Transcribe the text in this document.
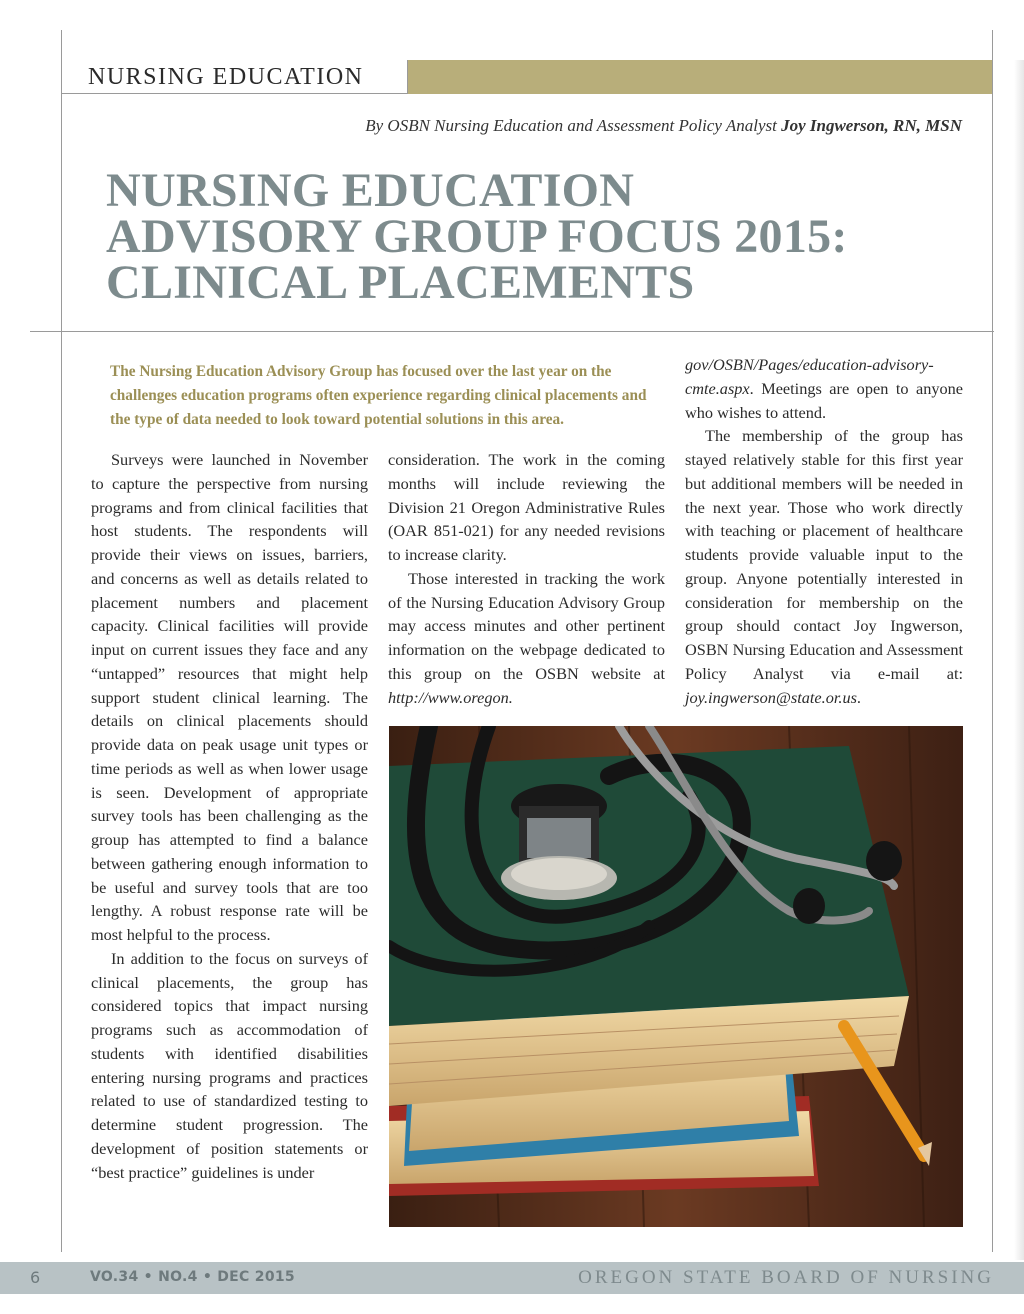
NURSING EDUCATION
By OSBN Nursing Education and Assessment Policy Analyst Joy Ingwerson, RN, MSN
NURSING EDUCATION
ADVISORY GROUP FOCUS 2015:
CLINICAL PLACEMENTS

The Nursing Education Advisory Group has focused over the last year on the challenges education programs often experience regarding clinical placements and the type of data needed to look toward potential solutions in this area.

Surveys were launched in November to capture the perspective from nursing programs and from clinical facilities that host students. The respondents will provide their views on issues, barriers, and concerns as well as details related to placement numbers and placement capacity. Clinical facilities will provide input on current issues they face and any “untapped” resources that might help support student clinical learning. The details on clinical placements should provide data on peak usage unit types or time periods as well as when lower usage is seen. Development of appropriate survey tools has been challenging as the group has attempted to find a balance between gathering enough information to be useful and survey tools that are too lengthy. A robust response rate will be most helpful to the process.

In addition to the focus on surveys of clinical placements, the group has considered topics that impact nursing programs such as accommodation of students with identified disabilities entering nursing programs and practices related to use of standardized testing to determine student progression. The development of position statements or “best practice” guidelines is under

consideration. The work in the coming months will include reviewing the Division 21 Oregon Administrative Rules (OAR 851-021) for any needed revisions to increase clarity.

Those interested in tracking the work of the Nursing Education Advisory Group may access minutes and other pertinent information on the webpage dedicated to this group on the OSBN website at http://www.oregon.

gov/OSBN/Pages/education-advisory-cmte.aspx. Meetings are open to anyone who wishes to attend.

The membership of the group has stayed relatively stable for this first year but additional members will be needed in the next year. Those who work directly with teaching or placement of healthcare students provide valuable input to the group. Anyone potentially interested in consideration for membership on the group should contact Joy Ingwerson, OSBN Nursing Education and Assessment Policy Analyst via e-mail at: joy.ingwerson@state.or.us.

6	VO.34 • NO.4 • DEC 2015	OREGON STATE BOARD OF NURSING
